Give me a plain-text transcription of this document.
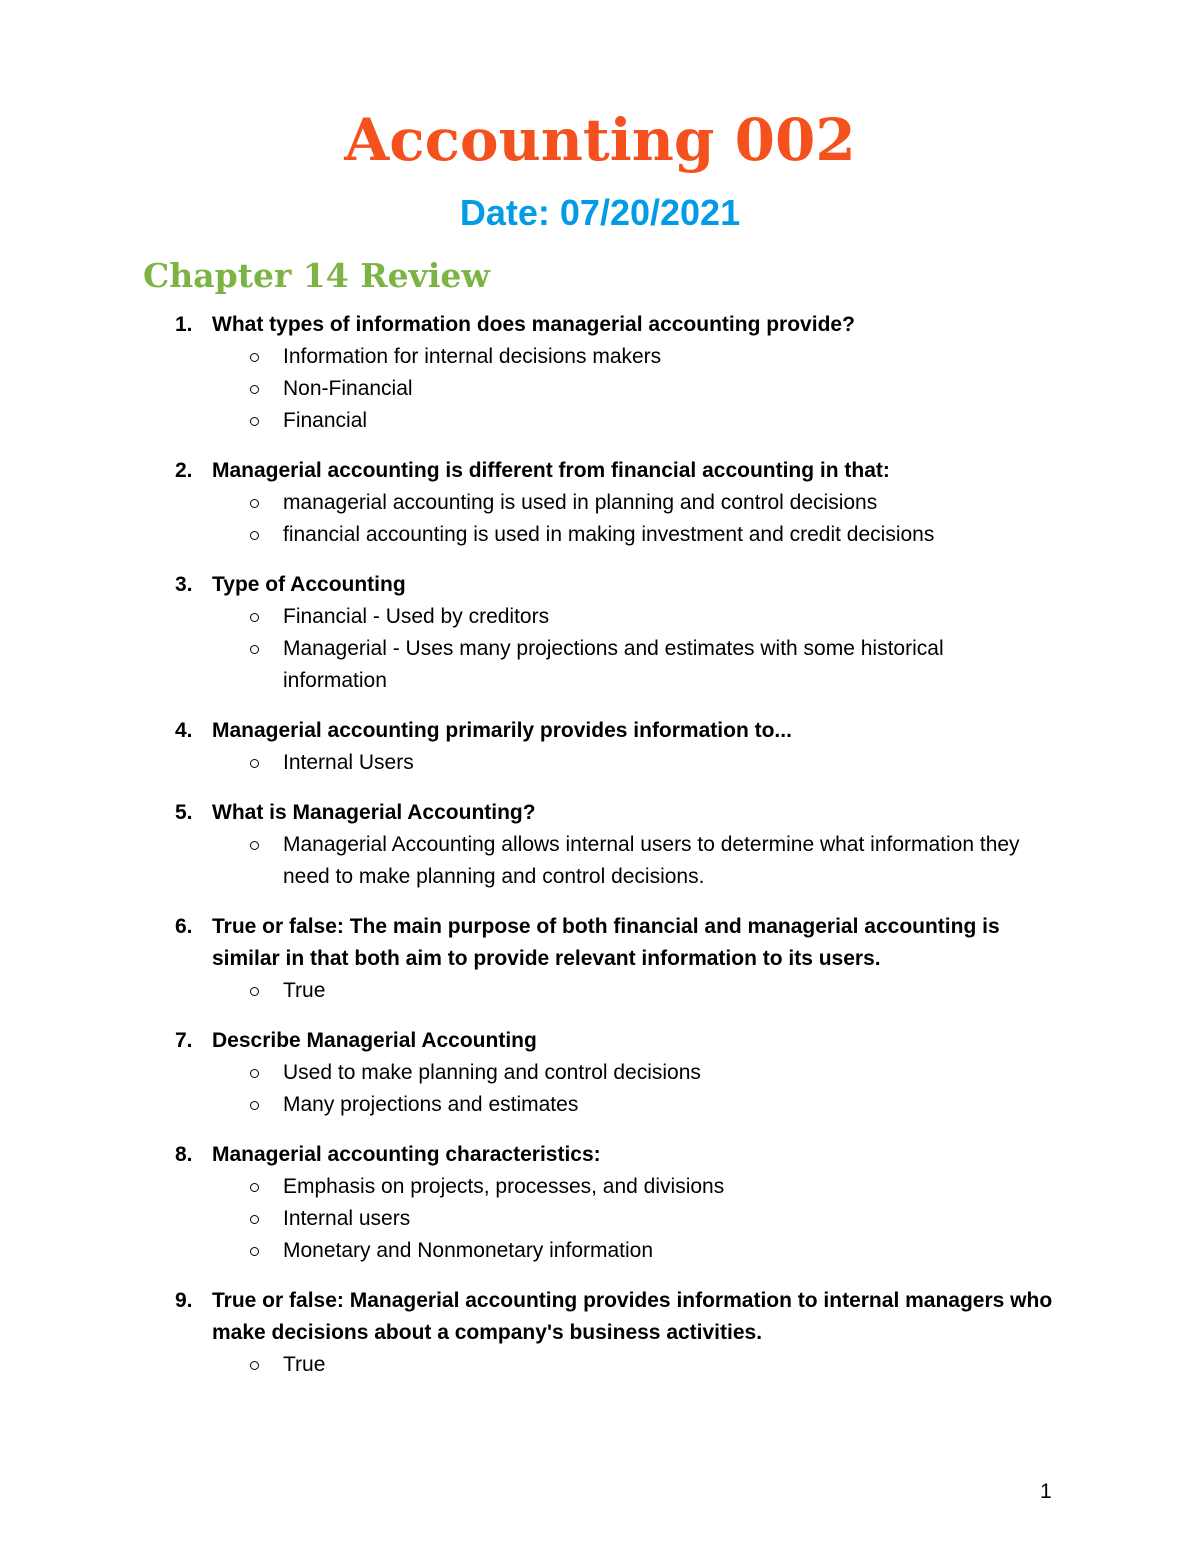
Accounting 002
Date: 07/20/2021
Chapter 14 Review
1. What types of information does managerial accounting provide?
Information for internal decisions makers
Non-Financial
Financial
2. Managerial accounting is different from financial accounting in that:
managerial accounting is used in planning and control decisions
financial accounting is used in making investment and credit decisions
3. Type of Accounting
Financial - Used by creditors
Managerial - Uses many projections and estimates with some historical information
4. Managerial accounting primarily provides information to...
Internal Users
5. What is Managerial Accounting?
Managerial Accounting allows internal users to determine what information they need to make planning and control decisions.
6. True or false: The main purpose of both financial and managerial accounting is similar in that both aim to provide relevant information to its users.
True
7. Describe Managerial Accounting
Used to make planning and control decisions
Many projections and estimates
8. Managerial accounting characteristics:
Emphasis on projects, processes, and divisions
Internal users
Monetary and Nonmonetary information
9. True or false: Managerial accounting provides information to internal managers who make decisions about a company's business activities.
True

1
